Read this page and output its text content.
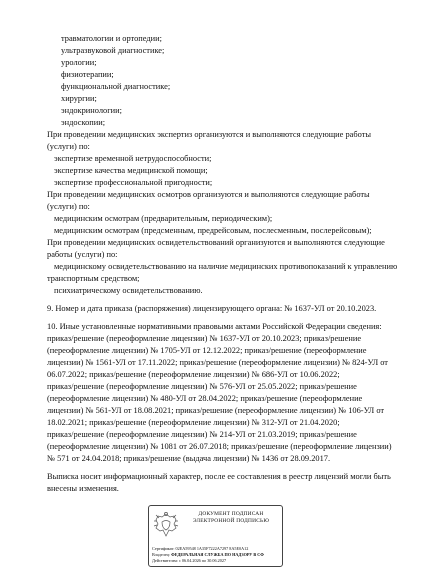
травматологии и ортопедии;
ультразвуковой диагностике;
урологии;
физиотерапии;
функциональной диагностике;
хирургии;
эндокринологии;
эндоскопии;
При проведении медицинских экспертиз организуются и выполняются следующие работы
(услуги) по:
экспертизе временной нетрудоспособности;
экспертизе качества медицинской помощи;
экспертизе профессиональной пригодности;
При проведении медицинских осмотров организуются и выполняются следующие работы
(услуги) по:
медицинским осмотрам (предварительным, периодическим);
медицинским осмотрам (предсменным, предрейсовым, послесменным, послерейсовым);
При проведении медицинских освидетельствований организуются и выполняются следующие
работы (услуги) по:
медицинскому освидетельствованию на наличие медицинских противопоказаний к управлению
транспортным средством;
психиатрическому освидетельствованию.
9. Номер и дата приказа (распоряжения) лицензирующего органа: № 1637-УЛ от 20.10.2023.
10. Иные установленные нормативными правовыми актами Российской Федерации сведения:
приказ/решение (переоформление лицензии) № 1637-УЛ от 20.10.2023; приказ/решение
(переоформление лицензии) № 1705-УЛ от 12.12.2022; приказ/решение (переоформление
лицензии) № 1561-УЛ от 17.11.2022; приказ/решение (переоформление лицензии) № 824-УЛ от
06.07.2022; приказ/решение (переоформление лицензии) № 686-УЛ от 10.06.2022;
приказ/решение (переоформление лицензии) № 576-УЛ от 25.05.2022; приказ/решение
(переоформление лицензии) № 480-УЛ от 28.04.2022; приказ/решение (переоформление
лицензии) № 561-УЛ от 18.08.2021; приказ/решение (переоформление лицензии) № 106-УЛ от
18.02.2021; приказ/решение (переоформление лицензии) № 312-УЛ от 21.04.2020;
приказ/решение (переоформление лицензии) № 214-УЛ от 21.03.2019; приказ/решение
(переоформление лицензии) № 1081 от 26.07.2018; приказ/решение (переоформление лицензии)
№ 571 от 24.04.2018; приказ/решение (выдача лицензии) № 1436 от 28.09.2017.
Выписка носит информационный характер, после ее составления в реестр лицензий могли быть
внесены изменения.
ДОКУМЕНТ ПОДПИСАН
ЭЛЕКТРОННОЙ ПОДПИСЬЮ
Сертификат: 02EA59548 1A35F7222A7297 8A5E0A12
Владелец: ФЕДЕРАЛЬНАЯ СЛУЖБА ПО НАДЗОРУ В СФ
Действителен: с 06.04.2026 по 30.06.2027
